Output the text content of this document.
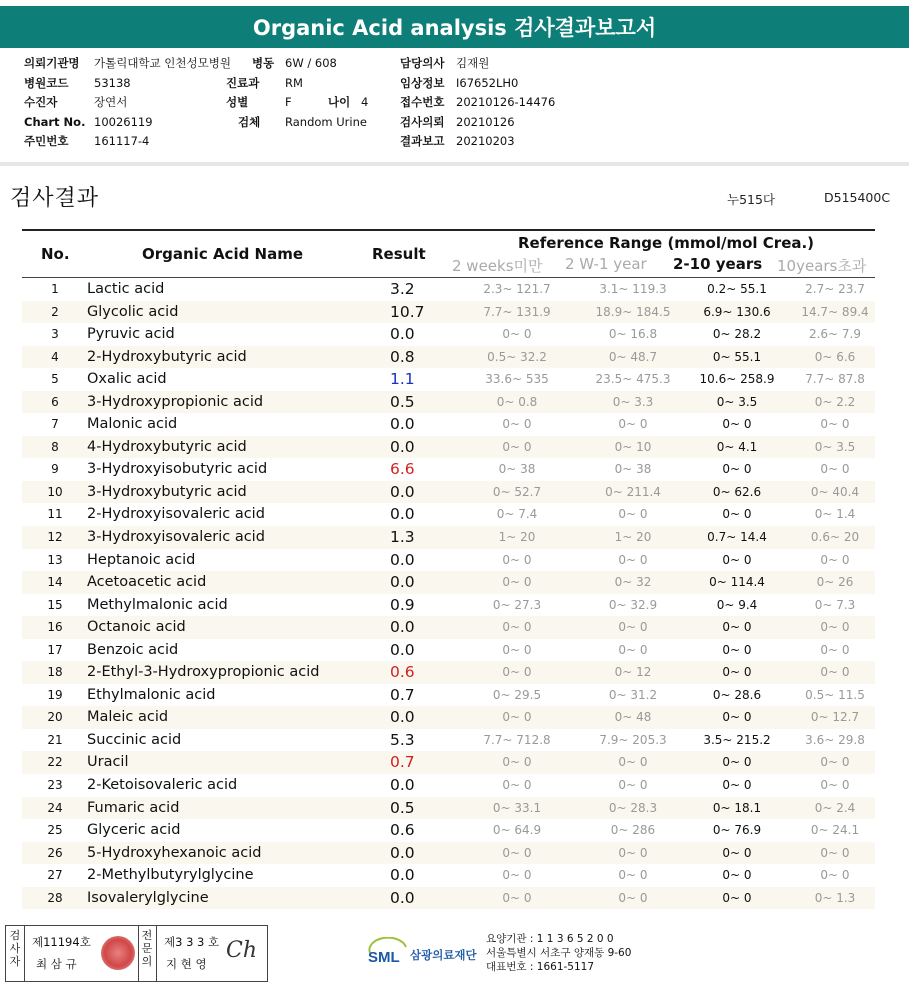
Organic Acid analysis 검사결과보고서
의뢰기관명 가톨릭대학교 인천성모병원 병동 6W / 608	담당의사 김재원
병원코드 53138	진료과 RM	임상정보 I67652LH0
수진자	장연서	성별	F	나이 4	접수번호 20210126-14476
Chart No. 10026119	검체 Random Urine	검사의뢰 20210126
주민번호 161117-4	결과보고 20210203
검사결과	누515다	D515400C
No.	Organic Acid Name	Result
Reference Range (mmol/mol Crea.)
2 weeks미만 2 W-1 year 2-10 years 10years초과
1	Lactic acid	3.2	2.3~ 121.7	3.1~ 119.3	0.2~ 55.1	2.7~ 23.7
2	Glycolic acid	10.7	7.7~ 131.9	18.9~ 184.5	6.9~ 130.6	14.7~ 89.4
3	Pyruvic acid	0.0	0~ 0	0~ 16.8	0~ 28.2	2.6~ 7.9
4	2-Hydroxybutyric acid	0.8	0.5~ 32.2	0~ 48.7	0~ 55.1	0~ 6.6
5	Oxalic acid	1.1	33.6~ 535	23.5~ 475.3	10.6~ 258.9	7.7~ 87.8
6	3-Hydroxypropionic acid	0.5	0~ 0.8	0~ 3.3	0~ 3.5	0~ 2.2
7	Malonic acid	0.0	0~ 0	0~ 0	0~ 0	0~ 0
8	4-Hydroxybutyric acid	0.0	0~ 0	0~ 10	0~ 4.1	0~ 3.5
9	3-Hydroxyisobutyric acid	6.6	0~ 38	0~ 38	0~ 0	0~ 0
10	3-Hydroxybutyric acid	0.0	0~ 52.7	0~ 211.4	0~ 62.6	0~ 40.4
11	2-Hydroxyisovaleric acid	0.0	0~ 7.4	0~ 0	0~ 0	0~ 1.4
12	3-Hydroxyisovaleric acid	1.3	1~ 20	1~ 20	0.7~ 14.4	0.6~ 20
13	Heptanoic acid	0.0	0~ 0	0~ 0	0~ 0	0~ 0
14	Acetoacetic acid	0.0	0~ 0	0~ 32	0~ 114.4	0~ 26
15	Methylmalonic acid	0.9	0~ 27.3	0~ 32.9	0~ 9.4	0~ 7.3
16	Octanoic acid	0.0	0~ 0	0~ 0	0~ 0	0~ 0
17	Benzoic acid	0.0	0~ 0	0~ 0	0~ 0	0~ 0
18	2-Ethyl-3-Hydroxypropionic acid	0.6	0~ 0	0~ 12	0~ 0	0~ 0
19	Ethylmalonic acid	0.7	0~ 29.5	0~ 31.2	0~ 28.6	0.5~ 11.5
20	Maleic acid	0.0	0~ 0	0~ 48	0~ 0	0~ 12.7
21	Succinic acid	5.3	7.7~ 712.8	7.9~ 205.3	3.5~ 215.2	3.6~ 29.8
22	Uracil	0.7	0~ 0	0~ 0	0~ 0	0~ 0
23	2-Ketoisovaleric acid	0.0	0~ 0	0~ 0	0~ 0	0~ 0
24	Fumaric acid	0.5	0~ 33.1	0~ 28.3	0~ 18.1	0~ 2.4
25	Glyceric acid	0.6	0~ 64.9	0~ 286	0~ 76.9	0~ 24.1
26	5-Hydroxyhexanoic acid	0.0	0~ 0	0~ 0	0~ 0	0~ 0
27	2-Methylbutyrylglycine	0.0	0~ 0	0~ 0	0~ 0	0~ 0
28	Isovalerylglycine	0.0	0~ 0	0~ 0	0~ 0	0~ 1.3
검사자
제11194호
최 삼 규
전문의
제3 3 3 호
지 현 영
Ch	SML 삼광의료재단
요양기관 : 1 1 3 6 5 2 0 0
서울특별시 서초구 양재동 9-60
대표번호 : 1661-5117
